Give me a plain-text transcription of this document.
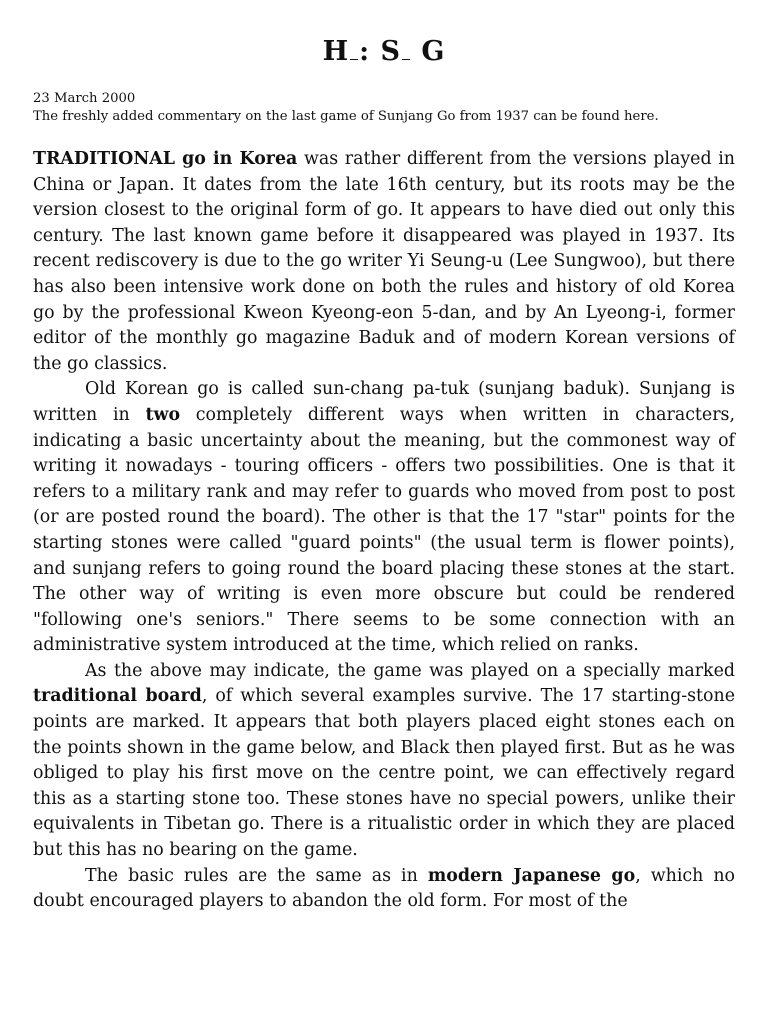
H : S G

23 March 2000

The freshly added commentary on the last game of Sunjang Go from 1937 can be found here.

TRADITIONAL go in Korea was rather different from the versions played in China or Japan. It dates from the late 16th century, but its roots may be the version closest to the original form of go. It appears to have died out only this century. The last known game before it disappeared was played in 1937. Its recent rediscovery is due to the go writer Yi Seung-u (Lee Sungwoo), but there has also been intensive work done on both the rules and history of old Korea go by the professional Kweon Kyeong-eon 5-dan, and by An Lyeong-i, former editor of the monthly go magazine Baduk and of modern Korean versions of the go classics.

Old Korean go is called sun-chang pa-tuk (sunjang baduk). Sunjang is written in two completely different ways when written in characters, indicating a basic uncertainty about the meaning, but the commonest way of writing it nowadays - touring officers - offers two possibilities. One is that it refers to a military rank and may refer to guards who moved from post to post (or are posted round the board). The other is that the 17 "star" points for the starting stones were called "guard points" (the usual term is flower points), and sunjang refers to going round the board placing these stones at the start. The other way of writing is even more obscure but could be rendered "following one's seniors." There seems to be some connection with an administrative system introduced at the time, which relied on ranks.

As the above may indicate, the game was played on a specially marked traditional board, of which several examples survive. The 17 starting-stone points are marked. It appears that both players placed eight stones each on the points shown in the game below, and Black then played first. But as he was obliged to play his first move on the centre point, we can effectively regard this as a starting stone too. These stones have no special powers, unlike their equivalents in Tibetan go. There is a ritualistic order in which they are placed but this has no bearing on the game.

The basic rules are the same as in modern Japanese go, which no doubt encouraged players to abandon the old form. For most of the
